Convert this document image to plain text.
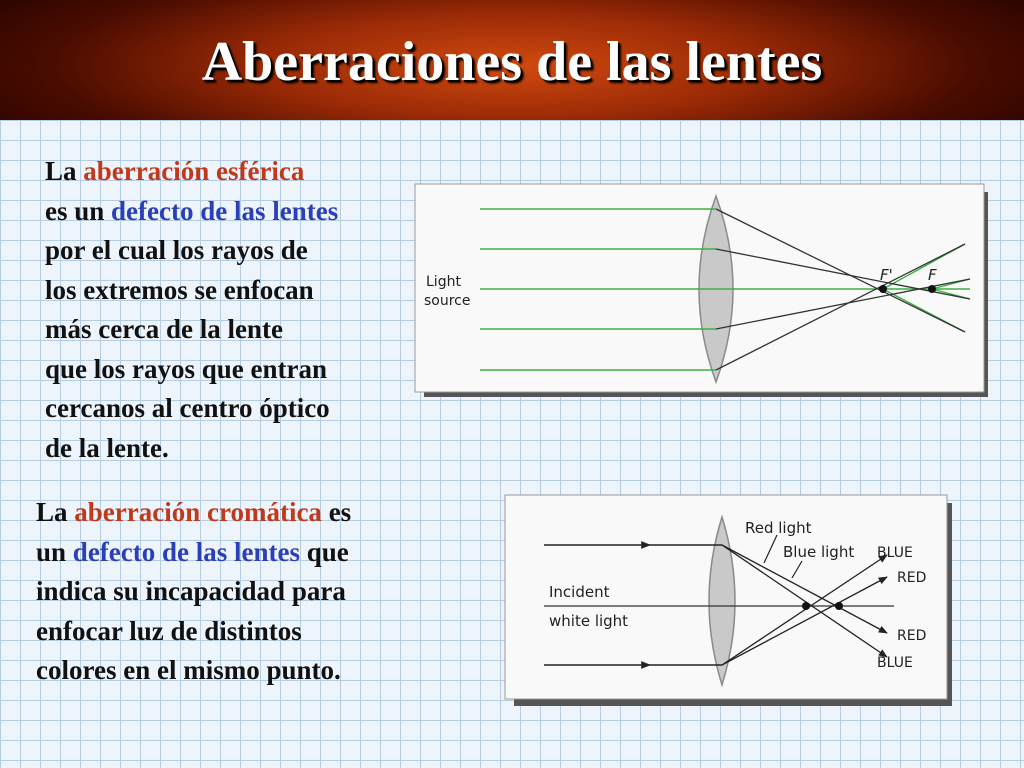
Aberraciones de las lentes
La aberración esférica
es un defecto de las lentes
por el cual los rayos de
los extremos se enfocan
más cerca de la lente
que los rayos que entran
cercanos al centro óptico
de la lente.
Light
source
F' F
La aberración cromática es
un defecto de las lentes que
indica su incapacidad para
enfocar luz de distintos
colores en el mismo punto.
Red light
Blue light BLUE
RED
RED
BLUE
Incident
white light
